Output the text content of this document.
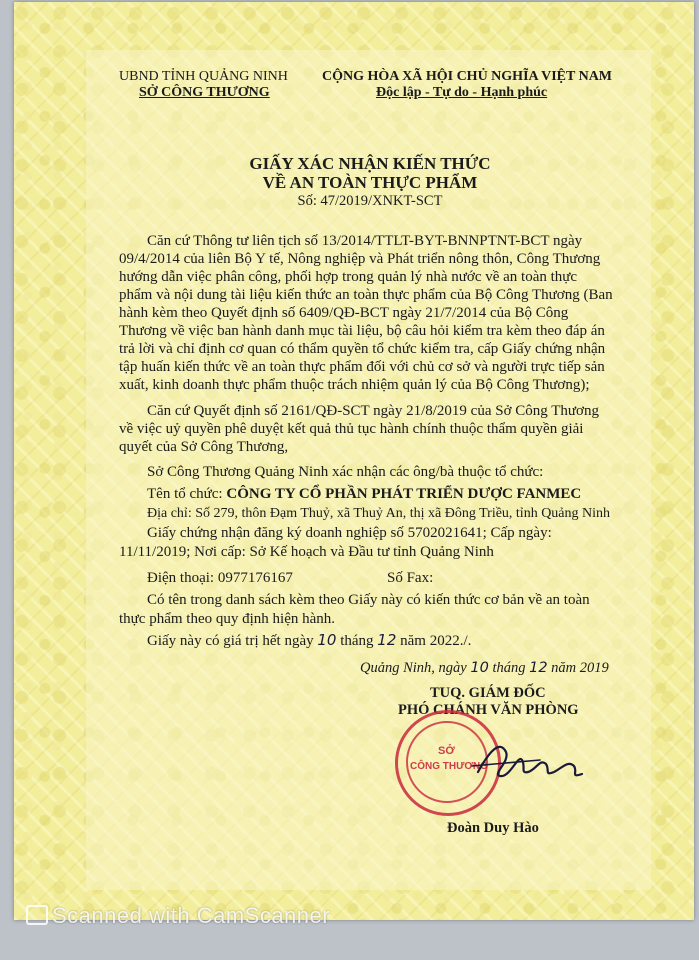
UBND TỈNH QUẢNG NINH
SỞ CÔNG THƯƠNG
CỘNG HÒA XÃ HỘI CHỦ NGHĨA VIỆT NAM
Độc lập - Tự do - Hạnh phúc
GIẤY XÁC NHẬN KIẾN THỨC
VỀ AN TOÀN THỰC PHẨM
Số: 47/2019/XNKT-SCT
Căn cứ Thông tư liên tịch số 13/2014/TTLT-BYT-BNNPTNT-BCT ngày
09/4/2014 của liên Bộ Y tế, Nông nghiệp và Phát triển nông thôn, Công Thương
hướng dẫn việc phân công, phối hợp trong quản lý nhà nước về an toàn thực
phẩm và nội dung tài liệu kiến thức an toàn thực phẩm của Bộ Công Thương (Ban
hành kèm theo Quyết định số 6409/QĐ-BCT ngày 21/7/2014 của Bộ Công
Thương về việc ban hành danh mục tài liệu, bộ câu hỏi kiểm tra kèm theo đáp án
trả lời và chỉ định cơ quan có thẩm quyền tổ chức kiểm tra, cấp Giấy chứng nhận
tập huấn kiến thức về an toàn thực phẩm đối với chủ cơ sở và người trực tiếp sản
xuất, kinh doanh thực phẩm thuộc trách nhiệm quản lý của Bộ Công Thương);
Căn cứ Quyết định số 2161/QĐ-SCT ngày 21/8/2019 của Sở Công Thương
về việc uỷ quyền phê duyệt kết quả thủ tục hành chính thuộc thẩm quyền giải
quyết của Sở Công Thương,
Sở Công Thương Quảng Ninh xác nhận các ông/bà thuộc tổ chức:
Tên tổ chức: CÔNG TY CỔ PHẦN PHÁT TRIỂN DƯỢC FANMEC
Địa chỉ: Số 279, thôn Đạm Thuỷ, xã Thuỷ An, thị xã Đông Triều, tỉnh Quảng Ninh
Giấy chứng nhận đăng ký doanh nghiệp số 5702021641; Cấp ngày:
11/11/2019; Nơi cấp: Sở Kế hoạch và Đầu tư tỉnh Quảng Ninh
Điện thoại: 0977176167	Số Fax:
Có tên trong danh sách kèm theo Giấy này có kiến thức cơ bản về an toàn
thực phẩm theo quy định hiện hành.
Giấy này có giá trị hết ngày 10 tháng 12 năm 2022./.
Quảng Ninh, ngày 10 tháng 12 năm 2019
TUQ. GIÁM ĐỐC
PHÓ CHÁNH VĂN PHÒNG
SỞ
CÔNG THƯƠNG
Đoàn Duy Hào
Scanned with CamScanner
